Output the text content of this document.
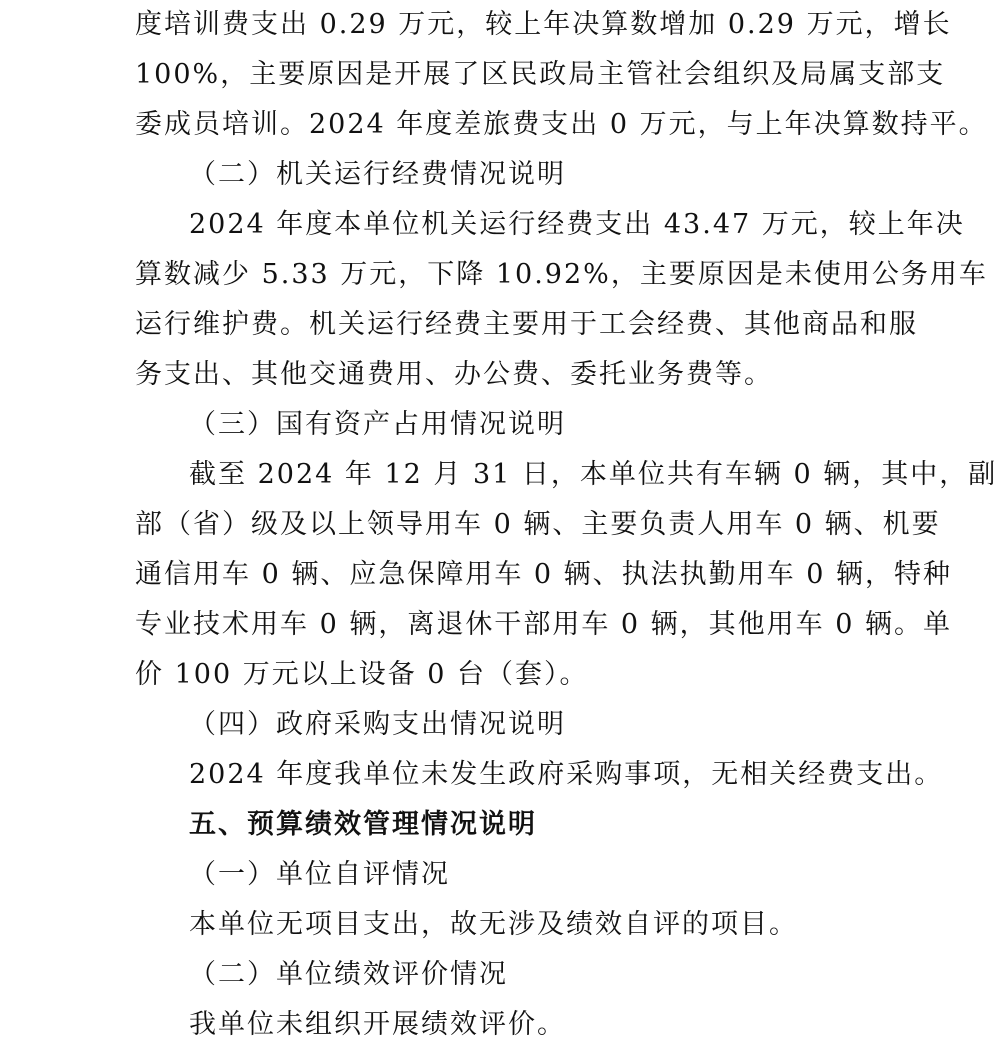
度培训费支出 0.29 万元，较上年决算数增加 0.29 万元，增长
100%，主要原因是开展了区民政局主管社会组织及局属支部支
委成员培训。2024 年度差旅费支出 0 万元，与上年决算数持平。
（二）机关运行经费情况说明
2024 年度本单位机关运行经费支出 43.47 万元，较上年决
算数减少 5.33 万元，下降 10.92%，主要原因是未使用公务用车
运行维护费。机关运行经费主要用于工会经费、其他商品和服
务支出、其他交通费用、办公费、委托业务费等。
（三）国有资产占用情况说明
截至 2024 年 12 月 31 日，本单位共有车辆 0 辆，其中，副
部（省）级及以上领导用车 0 辆、主要负责人用车 0 辆、机要
通信用车 0 辆、应急保障用车 0 辆、执法执勤用车 0 辆，特种
专业技术用车 0 辆，离退休干部用车 0 辆，其他用车 0 辆。单
价 100 万元以上设备 0 台（套）。
（四）政府采购支出情况说明
2024 年度我单位未发生政府采购事项，无相关经费支出。
五、预算绩效管理情况说明
（一）单位自评情况
本单位无项目支出，故无涉及绩效自评的项目。
（二）单位绩效评价情况
我单位未组织开展绩效评价。
